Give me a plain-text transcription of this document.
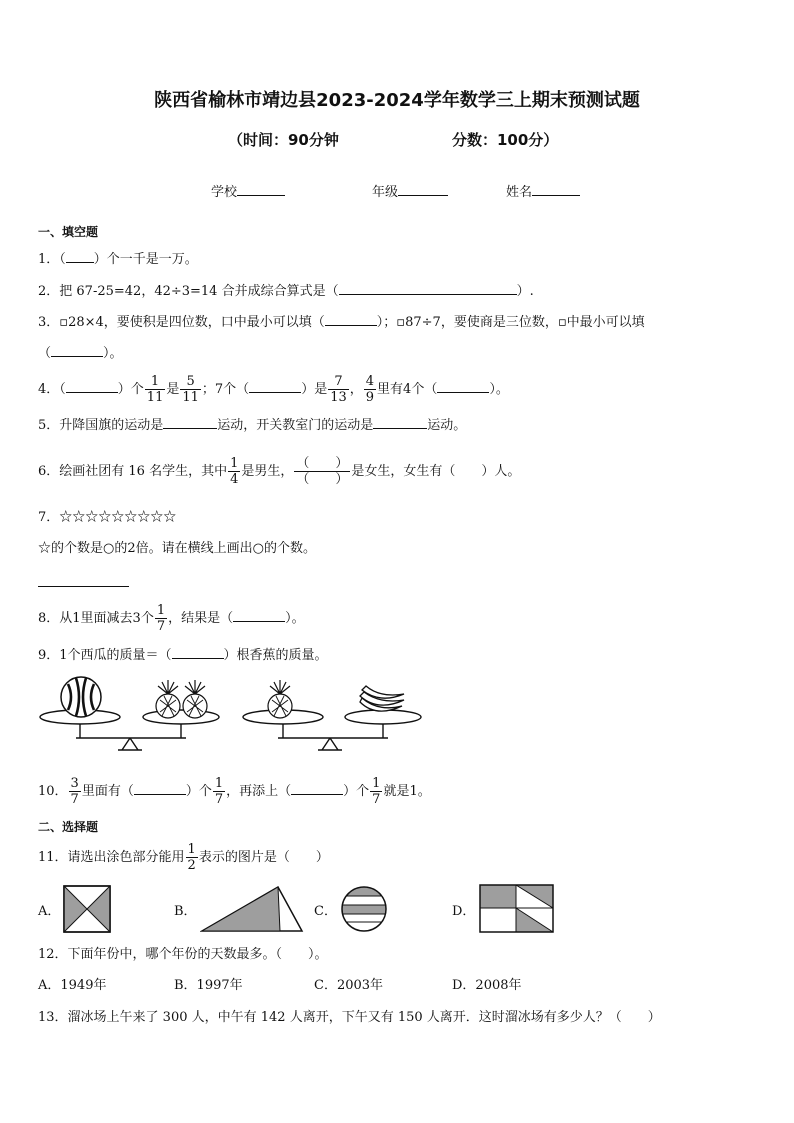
陕西省榆林市靖边县2023-2024学年数学三上期末预测试题
（时间：90分钟	分数：100分）
学校	年级	姓名
一、填空题
1．（ ）个一千是一万。
2．把 67-25=42，42÷3=14 合并成综合算式是（	）.
3．▫28×4，要使积是四位数，口中最小可以填（	）；▫87÷7，要使商是三位数，▫中最小可以填
（	）。
4．（	）个 $\frac{1}{11}$ 是 $\frac{5}{11}$ ；7个（	）是 $\frac{7}{13}$ ， $\frac{4}{9}$ 里有4个（	）。
5．升降国旗的运动是	运动，开关教室门的运动是	运动。
6．绘画社团有 16 名学生，其中 $\frac{1}{4}$ 是男生， $\frac{( )}{( )}$ 是女生，女生有（　　）人。
7．☆☆☆☆☆☆☆☆☆
☆的个数是○的2倍。请在横线上画出○的个数。
8．从1里面减去3个 $\frac{1}{7}$ ，结果是（	）。
9．1个西瓜的质量＝（	）根香蕉的质量。
10． $\frac{3}{7}$ 里面有（	）个 $\frac{1}{7}$ ，再添上（	）个 $\frac{1}{7}$ 就是1。
二、选择题
11．请选出涂色部分能用 $\frac{1}{2}$ 表示的图片是（　　）
A．	B．	C．	D．
12．下面年份中，哪个年份的天数最多。（　　）。
A．1949年	B．1997年	C．2003年	D．2008年
13．溜冰场上午来了 300 人，中午有 142 人离开，下午又有 150 人离开．这时溜冰场有多少人？（　　）
